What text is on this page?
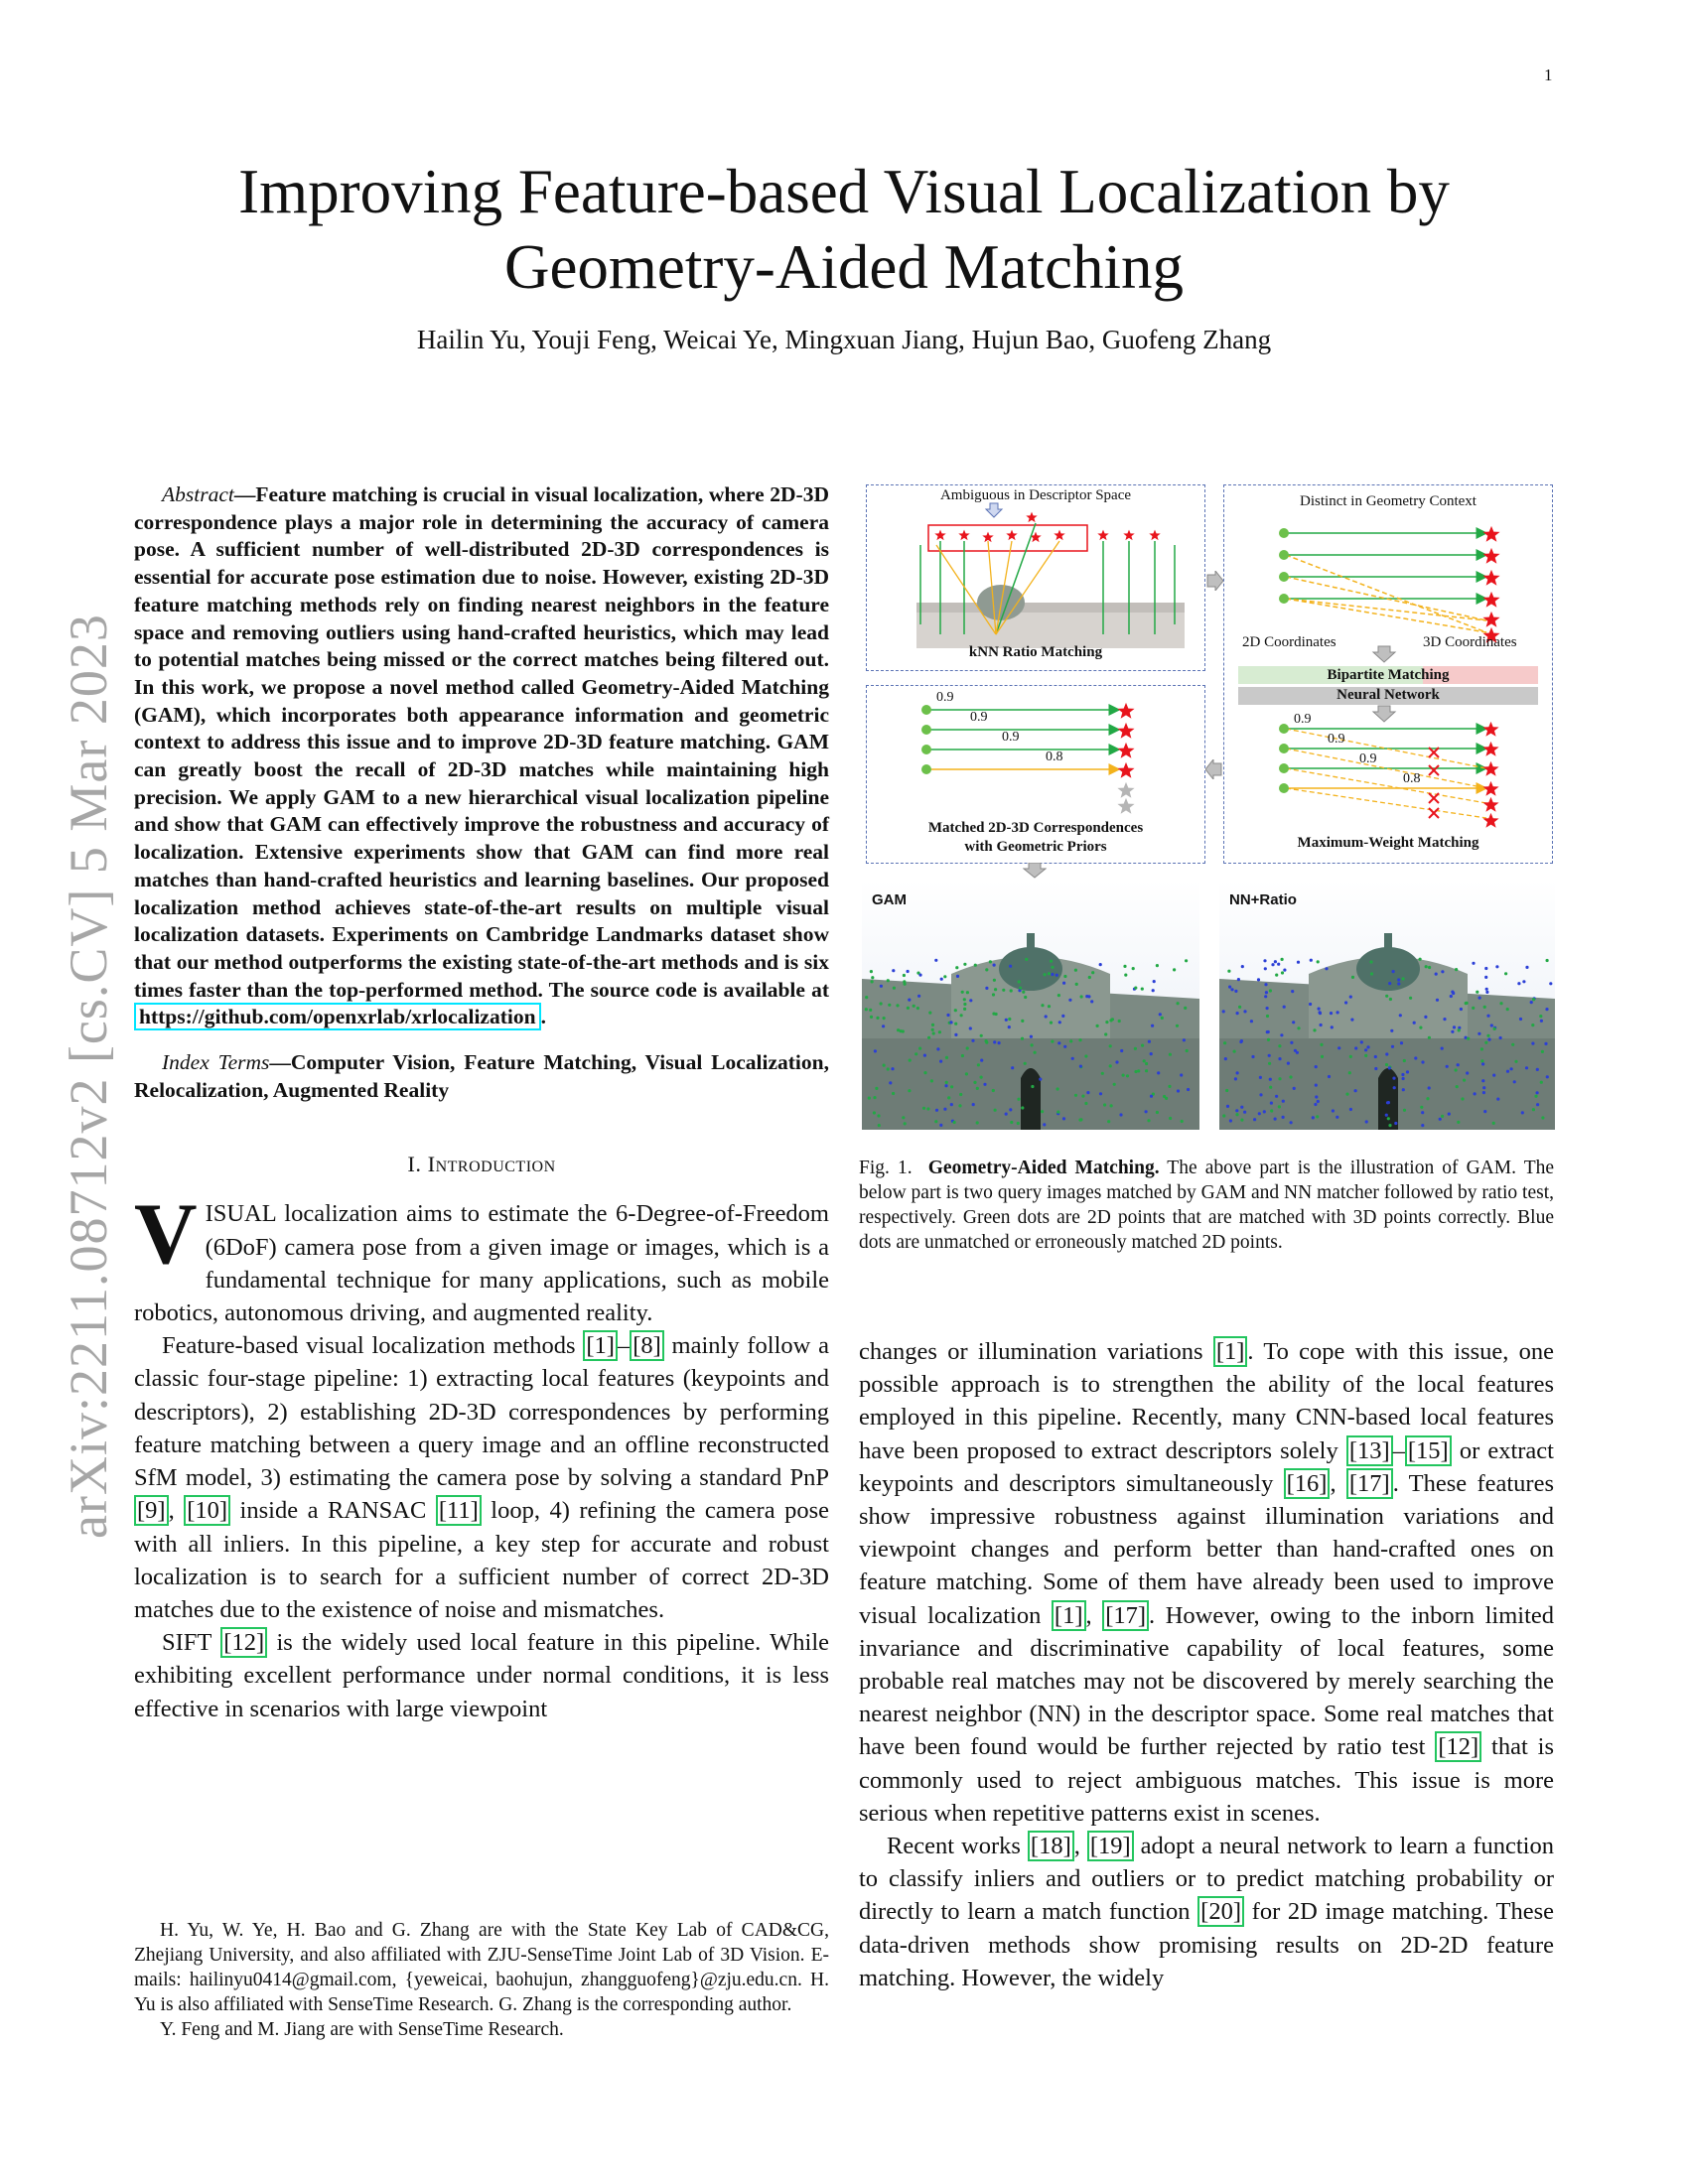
1
arXiv:2211.08712v2 [cs.CV] 5 Mar 2023
Improving Feature-based Visual Localization by
Geometry-Aided Matching
Hailin Yu, Youji Feng, Weicai Ye, Mingxuan Jiang, Hujun Bao, Guofeng Zhang

Abstract—Feature matching is crucial in visual localization, where 2D-3D correspondence plays a major role in determining the accuracy of camera pose. A sufficient number of well-distributed 2D-3D correspondences is essential for accurate pose estimation due to noise. However, existing 2D-3D feature matching methods rely on finding nearest neighbors in the feature space and removing outliers using hand-crafted heuristics, which may lead to potential matches being missed or the correct matches being filtered out. In this work, we propose a novel method called Geometry-Aided Matching (GAM), which incorporates both appearance information and geometric context to address this issue and to improve 2D-3D feature matching. GAM can greatly boost the recall of 2D-3D matches while maintaining high precision. We apply GAM to a new hierarchical visual localization pipeline and show that GAM can effectively improve the robustness and accuracy of localization. Extensive experiments show that GAM can find more real matches than hand-crafted heuristics and learning baselines. Our proposed localization method achieves state-of-the-art results on multiple visual localization datasets. Experiments on Cambridge Landmarks dataset show that our method outperforms the existing state-of-the-art methods and is six times faster than the top-performed method. The source code is available at https://github.com/openxrlab/xrlocalization .

Index Terms—Computer Vision, Feature Matching, Visual Localization, Relocalization, Augmented Reality

I. Introduction

VISUAL localization aims to estimate the 6-Degree-of-Freedom (6DoF) camera pose from a given image or images, which is a fundamental technique for many applications, such as mobile robotics, autonomous driving, and augmented reality.

Feature-based visual localization methods [1] – [8] mainly follow a classic four-stage pipeline: 1) extracting local features (keypoints and descriptors), 2) establishing 2D-3D correspondences by performing feature matching between a query image and an offline reconstructed SfM model, 3) estimating the camera pose by solving a standard PnP [9] , [10] inside a RANSAC [11] loop, 4) refining the camera pose with all inliers. In this pipeline, a key step for accurate and robust localization is to search for a sufficient number of correct 2D-3D matches due to the existence of noise and mismatches.

SIFT [12] is the widely used local feature in this pipeline. While exhibiting excellent performance under normal conditions, it is less effective in scenarios with large viewpoint

H. Yu, W. Ye, H. Bao and G. Zhang are with the State Key Lab of CAD&CG, Zhejiang University, and also affiliated with ZJU-SenseTime Joint Lab of 3D Vision. E-mails: hailinyu0414@gmail.com, {yeweicai, baohujun, zhangguofeng}@zju.edu.cn. H. Yu is also affiliated with SenseTime Research. G. Zhang is the corresponding author.

Y. Feng and M. Jiang are with SenseTime Research.

Ambiguous in Descriptor Space
kNN Ratio Matching
Distinct in Geometry Context
2D Coordinates	3D Coordinates
Bipartite Matching
Neural Network
0.9
0.9
0.9
0.8
Maximum-Weight Matching
0.9
0.9
0.9
0.8
Matched 2D-3D Correspondences
with Geometric Priors
GAM	NN+Ratio
Fig. 1. Geometry-Aided Matching. The above part is the illustration of GAM. The below part is two query images matched by GAM and NN matcher followed by ratio test, respectively. Green dots are 2D points that are matched with 3D points correctly. Blue dots are unmatched or erroneously matched 2D points.

changes or illumination variations [1] . To cope with this issue, one possible approach is to strengthen the ability of the local features employed in this pipeline. Recently, many CNN-based local features have been proposed to extract descriptors solely [13] – [15] or extract keypoints and descriptors simultaneously [16] , [17] . These features show impressive robustness against illumination variations and viewpoint changes and perform better than hand-crafted ones on feature matching. Some of them have already been used to improve visual localization [1] , [17] . However, owing to the inborn limited invariance and discriminative capability of local features, some probable real matches may not be discovered by merely searching the nearest neighbor (NN) in the descriptor space. Some real matches that have been found would be further rejected by ratio test [12] that is commonly used to reject ambiguous matches. This issue is more serious when repetitive patterns exist in scenes.

Recent works [18] , [19] adopt a neural network to learn a function to classify inliers and outliers or to predict matching probability or directly to learn a match function [20] for 2D image matching. These data-driven methods show promising results on 2D-2D feature matching. However, the widely
